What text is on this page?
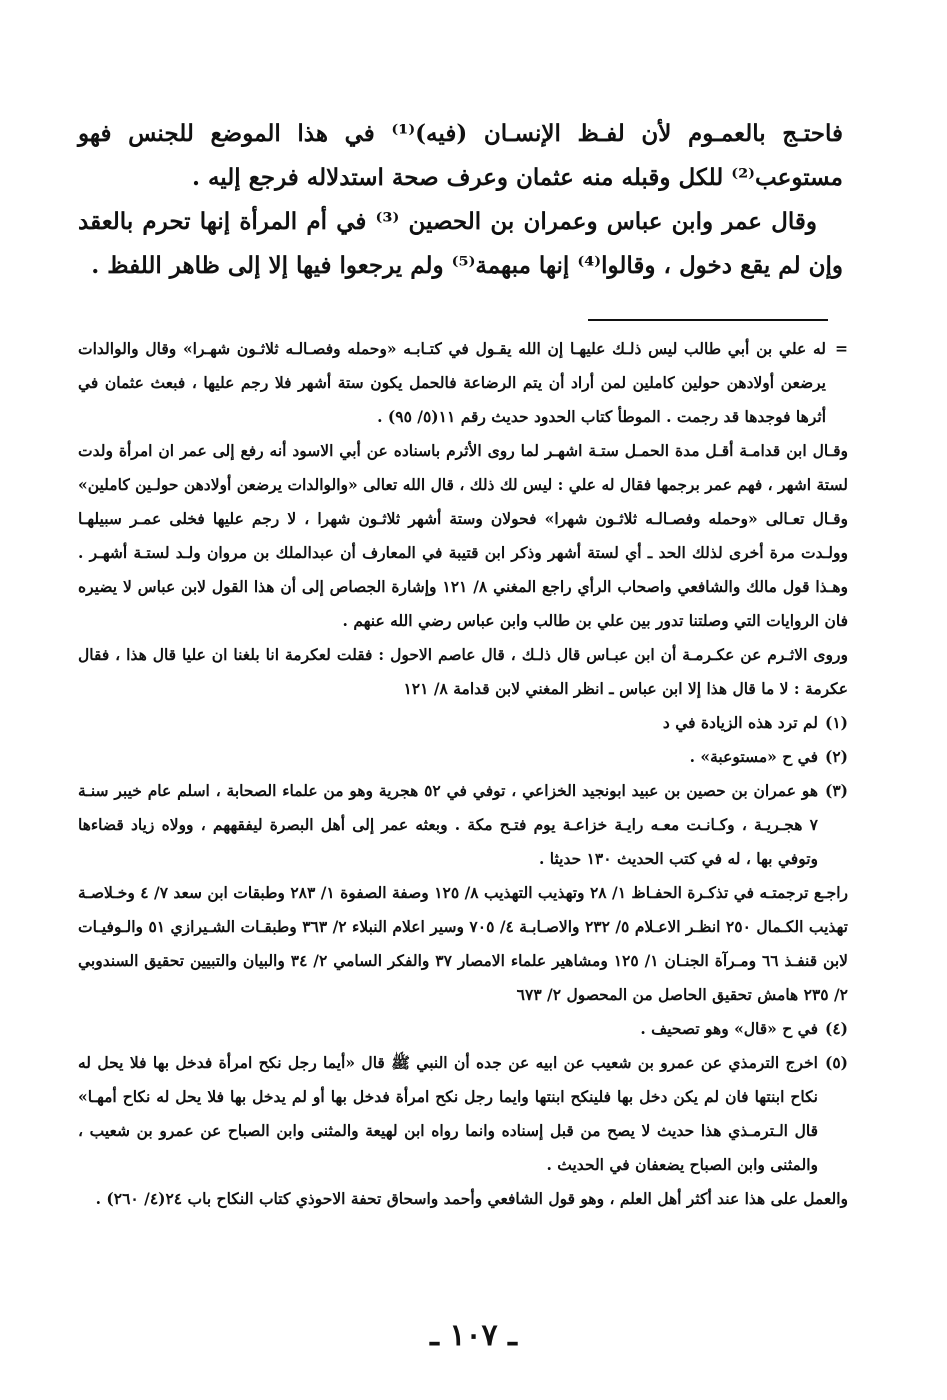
فاحتـج بالعمـوم لأن لفـظ الإنسـان (فيه)⁽¹⁾ في هذا الموضع للجنس فهو مستوعب⁽²⁾ للكل وقبله منه عثمان وعرف صحة استدلاله فرجع إليه .

وقال عمر وابن عباس وعمران بن الحصين ⁽³⁾ في أم المرأة إنها تحرم بالعقد وإن لم يقع دخول ، وقالوا⁽⁴⁾ إنها مبهمة⁽⁵⁾ ولم يرجعوا فيها إلا إلى ظاهر اللفظ .

=
له علي بن أبي طالب ليس ذلـك عليهـا إن الله يقـول في كتـابـه «وحمله وفصـالـه ثلاثـون شهـرا» وقال والوالدات يرضعن أولادهن حولين كاملين لمن أراد أن يتم الرضاعة فالحمل يكون ستة أشهر فلا رجم عليها ، فبعث عثمان في أثرها فوجدها قد رجمت . الموطأ كتاب الحدود حديث رقم ١١(٥/ ٩٥) .

وقـال ابن قدامـة أقـل مدة الحمـل ستـة اشهـر لما روى الأثرم باسناده عن أبي الاسود أنه رفع إلى عمر ان امرأة ولدت لستة اشهر ، فهم عمر برجمها فقال له علي : ليس لك ذلك ، قال الله تعالى «والوالدات يرضعن أولادهن حولـين كاملين» وقـال تعـالى «وحمله وفصـالـه ثلاثـون شهرا» فحولان وستة أشهر ثلاثـون شهرا ، لا رجم عليها فخلى عمـر سبيلهـا وولـدت مرة أخرى لذلك الحد ـ أي لستة أشهر وذكر ابن قتيبة في المعارف أن عبدالملك بن مروان ولـد لستـة أشهـر . وهـذا قول مالك والشافعي واصحاب الرأي راجع المغني ٨/ ١٢١ وإشارة الجصاص إلى أن هذا القول لابن عباس لا يضيره فان الروايات التي وصلتنا تدور بين علي بن طالب وابن عباس رضي الله عنهم .

وروى الاثـرم عن عكـرمـة أن ابن عبـاس قال ذلـك ، قال عاصم الاحول : فقلت لعكرمة انا بلغنا ان عليا قال هذا ، فقال عكرمة : لا ما قال هذا إلا ابن عباس ـ انظر المغني لابن قدامة ٨/ ١٢١

(١)
لم ترد هذه الزيادة في د

(٢)
في ح «مستوعبة» .

(٣)
هو عمران بن حصين بن عبيد ابونجيد الخزاعي ، توفي في ٥٢ هجرية وهو من علماء الصحابة ، اسلم عام خيبر سنـة ٧ هجـريـة ، وكـانـت معـه رايـة خزاعـة يوم فتـح مكة . وبعثه عمر إلى أهل البصرة ليفقههم ، وولاه زياد قضاءها وتوفي بها ، له في كتب الحديث ١٣٠ حديثا .

راجـع ترجمتـه في تذكـرة الحفـاظ ١/ ٢٨ وتهذيب التهذيب ٨/ ١٢٥ وصفة الصفوة ١/ ٢٨٣ وطبقات ابن سعد ٧/ ٤ وخـلاصـة تهذيب الكـمال ٢٥٠ انظـر الاعـلام ٥/ ٢٣٢ والاصـابـة ٤/ ٧٠٥ وسير اعلام النبلاء ٢/ ٣٦٣ وطبقـات الشـيرازي ٥١ والـوفيـات لابن قنفـذ ٦٦ ومـرآة الجنـان ١/ ١٢٥ ومشاهير علماء الامصار ٣٧ والفكر السامي ٢/ ٣٤ والبيان والتبيين تحقيق السندوبي ٢/ ٢٣٥ هامش تحقيق الحاصل من المحصول ٢/ ٦٧٣

(٤)
في ح «قال» وهو تصحيف .

(٥)
اخرج الترمذي عن عمرو بن شعيب عن ابيه عن جده أن النبي ﷺ قال «أيما رجل نكح امرأة فدخل بها فلا يحل له نكاح ابنتها فان لم يكن دخل بها فلينكح ابنتها وايما رجل نكح امرأة فدخل بها أو لم يدخل بها فلا يحل له نكاح أمهـا» قال الـترمـذي هذا حديث لا يصح من قبل إسناده وانما رواه ابن لهيعة والمثنى وابن الصباح عن عمرو بن شعيب ، والمثنى وابن الصباح يضعفان في الحديث .

والعمل على هذا عند أكثر أهل العلم ، وهو قول الشافعي وأحمد واسحاق تحفة الاحوذي كتاب النكاح باب ٢٤(٤/ ٢٦٠) .

ـ ١٠٧ ـ
